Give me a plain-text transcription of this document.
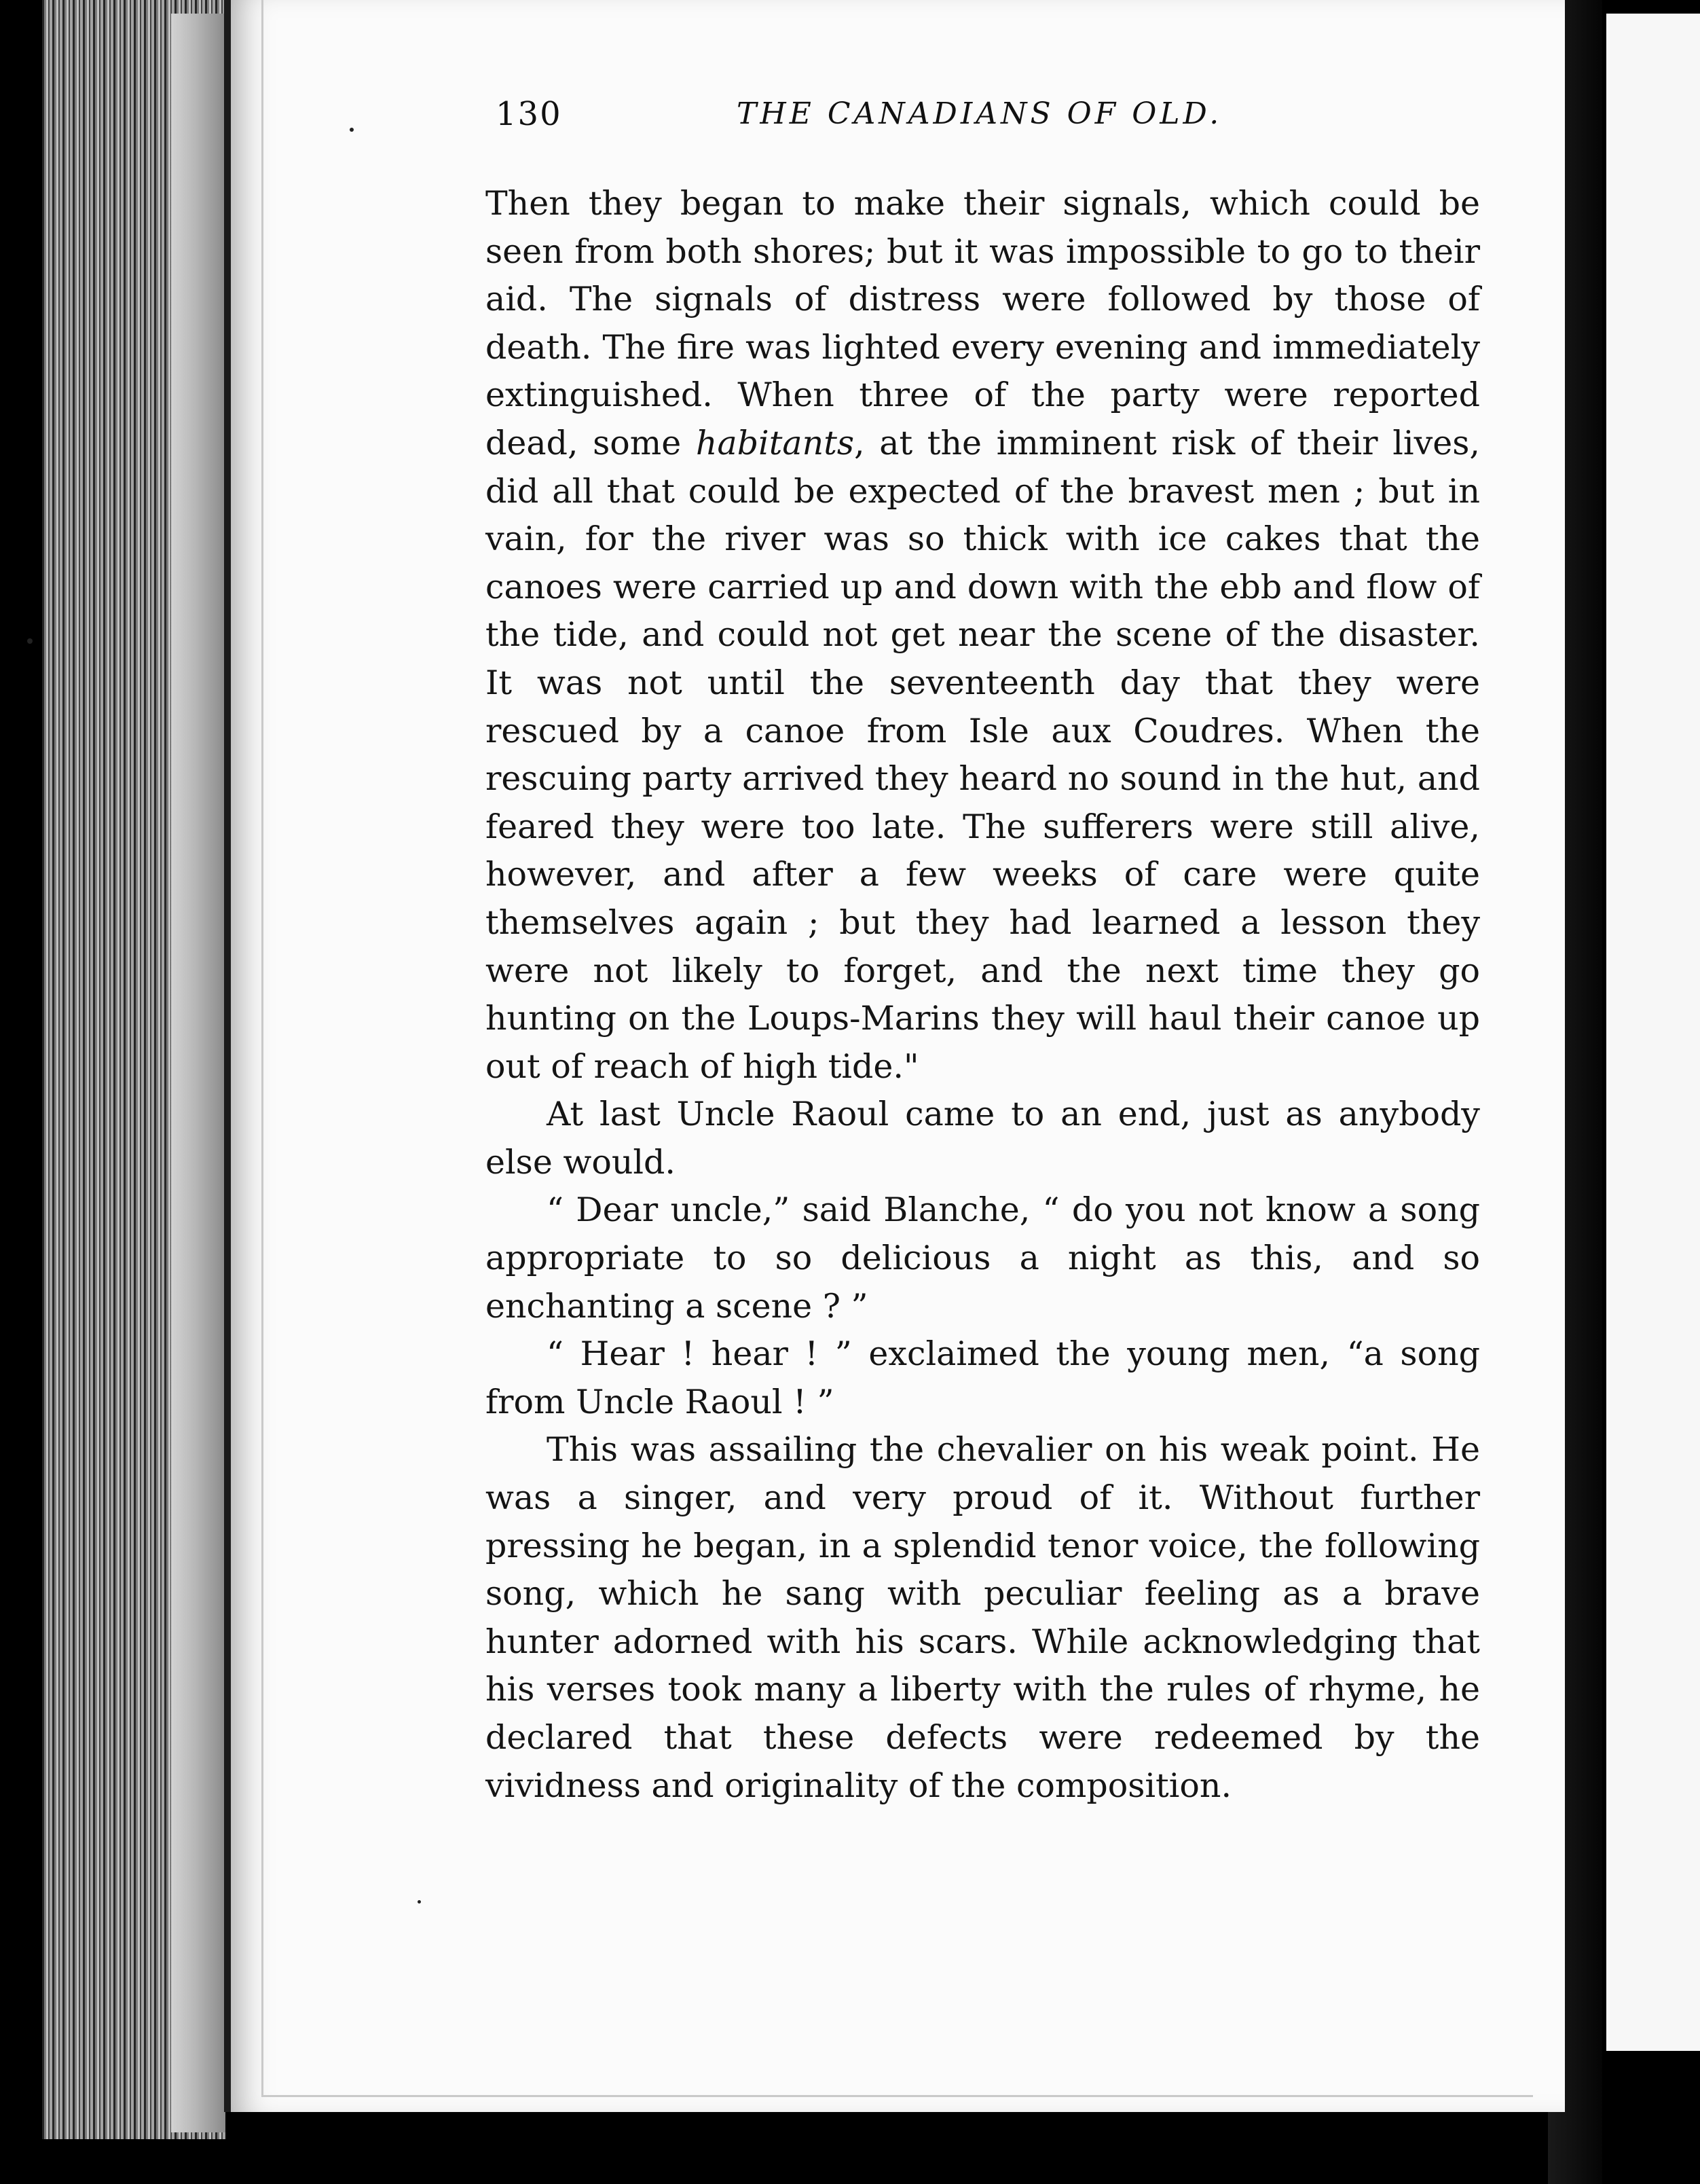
130	THE CANADIANS OF OLD.

Then they began to make their signals, which could be seen from both shores; but it was impossible to go to their aid. The signals of distress were followed by those of death. The fire was lighted every evening and immediately extinguished. When three of the party were reported dead, some habitants, at the imminent risk of their lives, did all that could be expected of the bravest men ; but in vain, for the river was so thick with ice cakes that the canoes were carried up and down with the ebb and flow of the tide, and could not get near the scene of the disaster. It was not until the seventeenth day that they were rescued by a canoe from Isle aux Coudres. When the rescuing party arrived they heard no sound in the hut, and feared they were too late. The sufferers were still alive, however, and after a few weeks of care were quite themselves again ; but they had learned a lesson they were not likely to forget, and the next time they go hunting on the Loups-Marins they will haul their canoe up out of reach of high tide."

At last Uncle Raoul came to an end, just as anybody else would.

“ Dear uncle,” said Blanche, “ do you not know a song appropriate to so delicious a night as this, and so enchanting a scene ? ”

“ Hear ! hear ! ” exclaimed the young men, “a song from Uncle Raoul ! ”

This was assailing the chevalier on his weak point. He was a singer, and very proud of it. Without further pressing he began, in a splendid tenor voice, the following song, which he sang with peculiar feeling as a brave hunter adorned with his scars. While acknowledging that his verses took many a liberty with the rules of rhyme, he declared that these defects were redeemed by the vividness and originality of the composition.
